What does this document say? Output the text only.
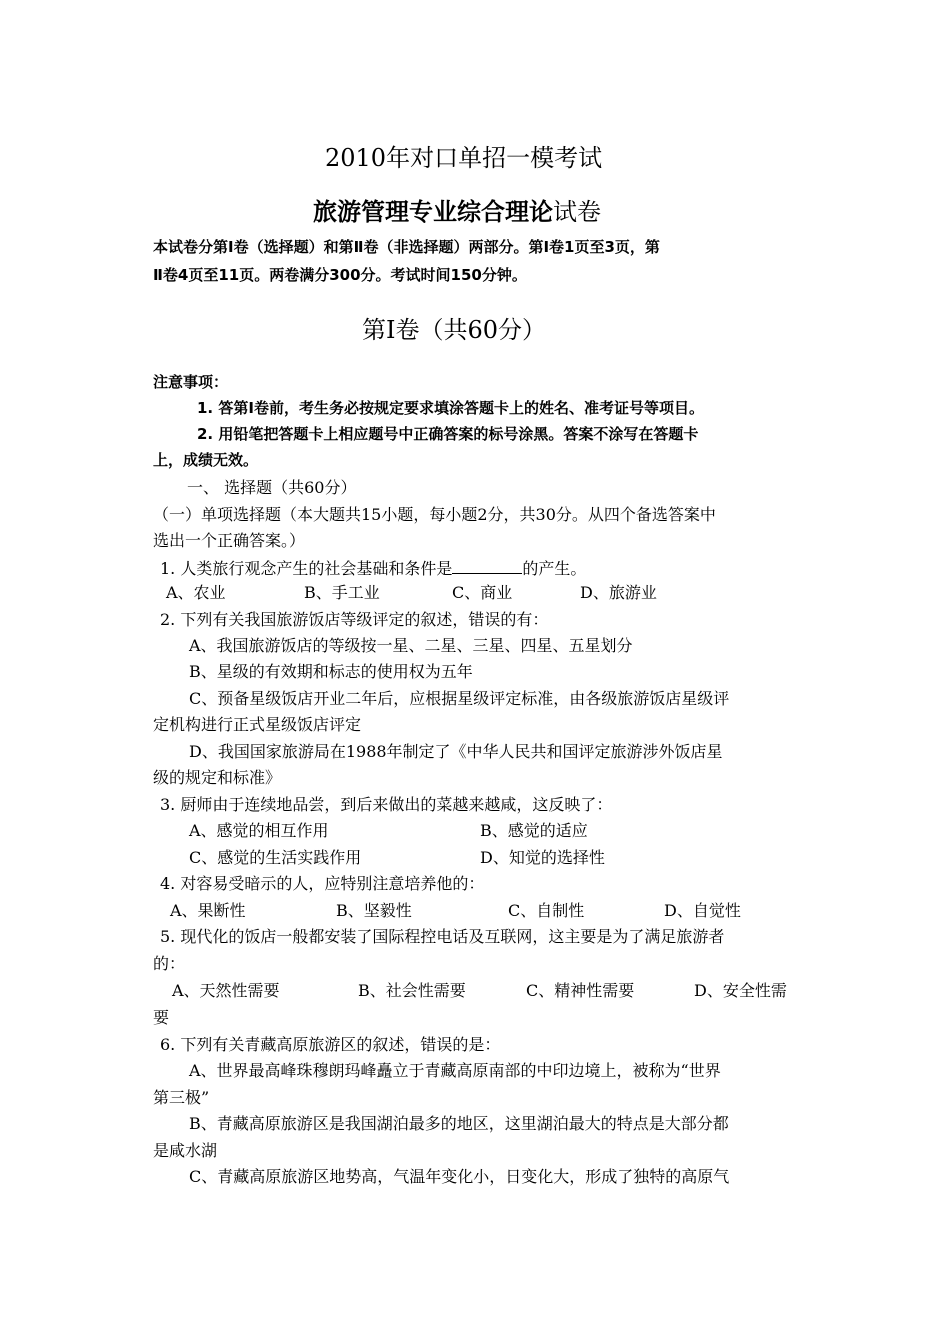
2010年对口单招一模考试
旅游管理专业综合理论试卷
本试卷分第Ⅰ卷（选择题）和第Ⅱ卷（非选择题）两部分。第Ⅰ卷1页至3页，第
Ⅱ卷4页至11页。两卷满分300分。考试时间150分钟。
第Ⅰ卷（共60分）
注意事项：
1. 答第Ⅰ卷前，考生务必按规定要求填涂答题卡上的姓名、准考证号等项目。
2. 用铅笔把答题卡上相应题号中正确答案的标号涂黑。答案不涂写在答题卡
上，成绩无效。
一、 选择题（共60分）
（一）单项选择题（本大题共15小题，每小题2分，共30分。从四个备选答案中
选出一个正确答案。）
1. 人类旅行观念产生的社会基础和条件是	的产生。
A、农业	B、手工业	C、商业	D、旅游业
2. 下列有关我国旅游饭店等级评定的叙述，错误的有：
A、我国旅游饭店的等级按一星、二星、三星、四星、五星划分
B、星级的有效期和标志的使用权为五年
C、预备星级饭店开业二年后，应根据星级评定标准，由各级旅游饭店星级评
定机构进行正式星级饭店评定
D、我国国家旅游局在1988年制定了《中华人民共和国评定旅游涉外饭店星
级的规定和标准》
3. 厨师由于连续地品尝，到后来做出的菜越来越咸，这反映了：
A、感觉的相互作用	B、感觉的适应
C、感觉的生活实践作用	D、知觉的选择性
4. 对容易受暗示的人，应特别注意培养他的：
A、果断性	B、坚毅性	C、自制性	D、自觉性
5. 现代化的饭店一般都安装了国际程控电话及互联网，这主要是为了满足旅游者
的：
A、天然性需要	B、社会性需要	C、精神性需要	D、安全性需
要
6. 下列有关青藏高原旅游区的叙述，错误的是：
A、世界最高峰珠穆朗玛峰矗立于青藏高原南部的中印边境上，被称为“世界
第三极”
B、青藏高原旅游区是我国湖泊最多的地区，这里湖泊最大的特点是大部分都
是咸水湖
C、青藏高原旅游区地势高，气温年变化小，日变化大，形成了独特的高原气
